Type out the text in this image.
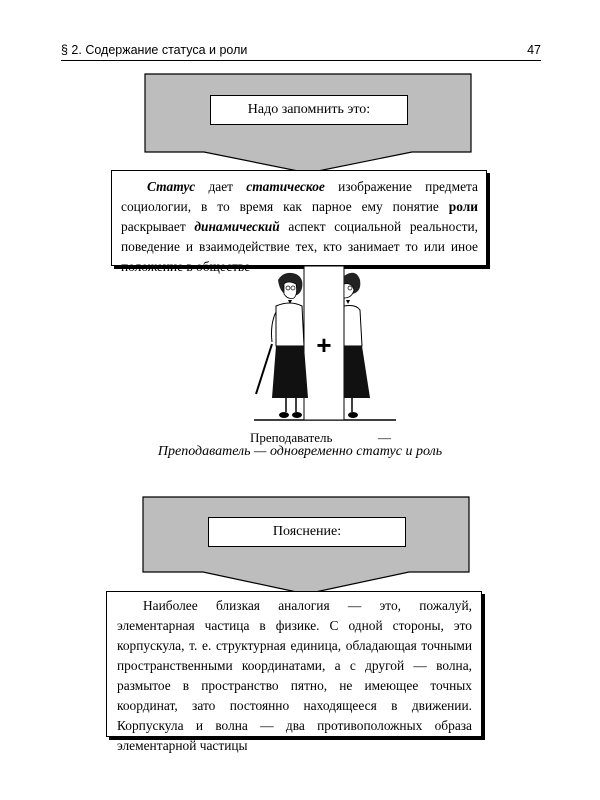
§ 2. Содержание статуса и роли	47
Надо запомнить это:
Статус дает статическое изображение предмета социологии, в то время как парное ему понятие роли раскрывает динамический аспект социальной реальности, поведение и взаимодействие тех, кто занимает то или иное положение в обществе
+
Преподаватель	—
Преподаватель — одновременно статус и роль
Пояснение:
Наиболее близкая аналогия — это, пожалуй, элементарная частица в физике. С одной стороны, это корпускула, т. е. структурная единица, обладающая точными пространственными координатами, а с другой — волна, размытое в пространство пятно, не имеющее точных координат, зато постоянно находящееся в движении. Корпускула и волна — два противоположных образа элементарной частицы
